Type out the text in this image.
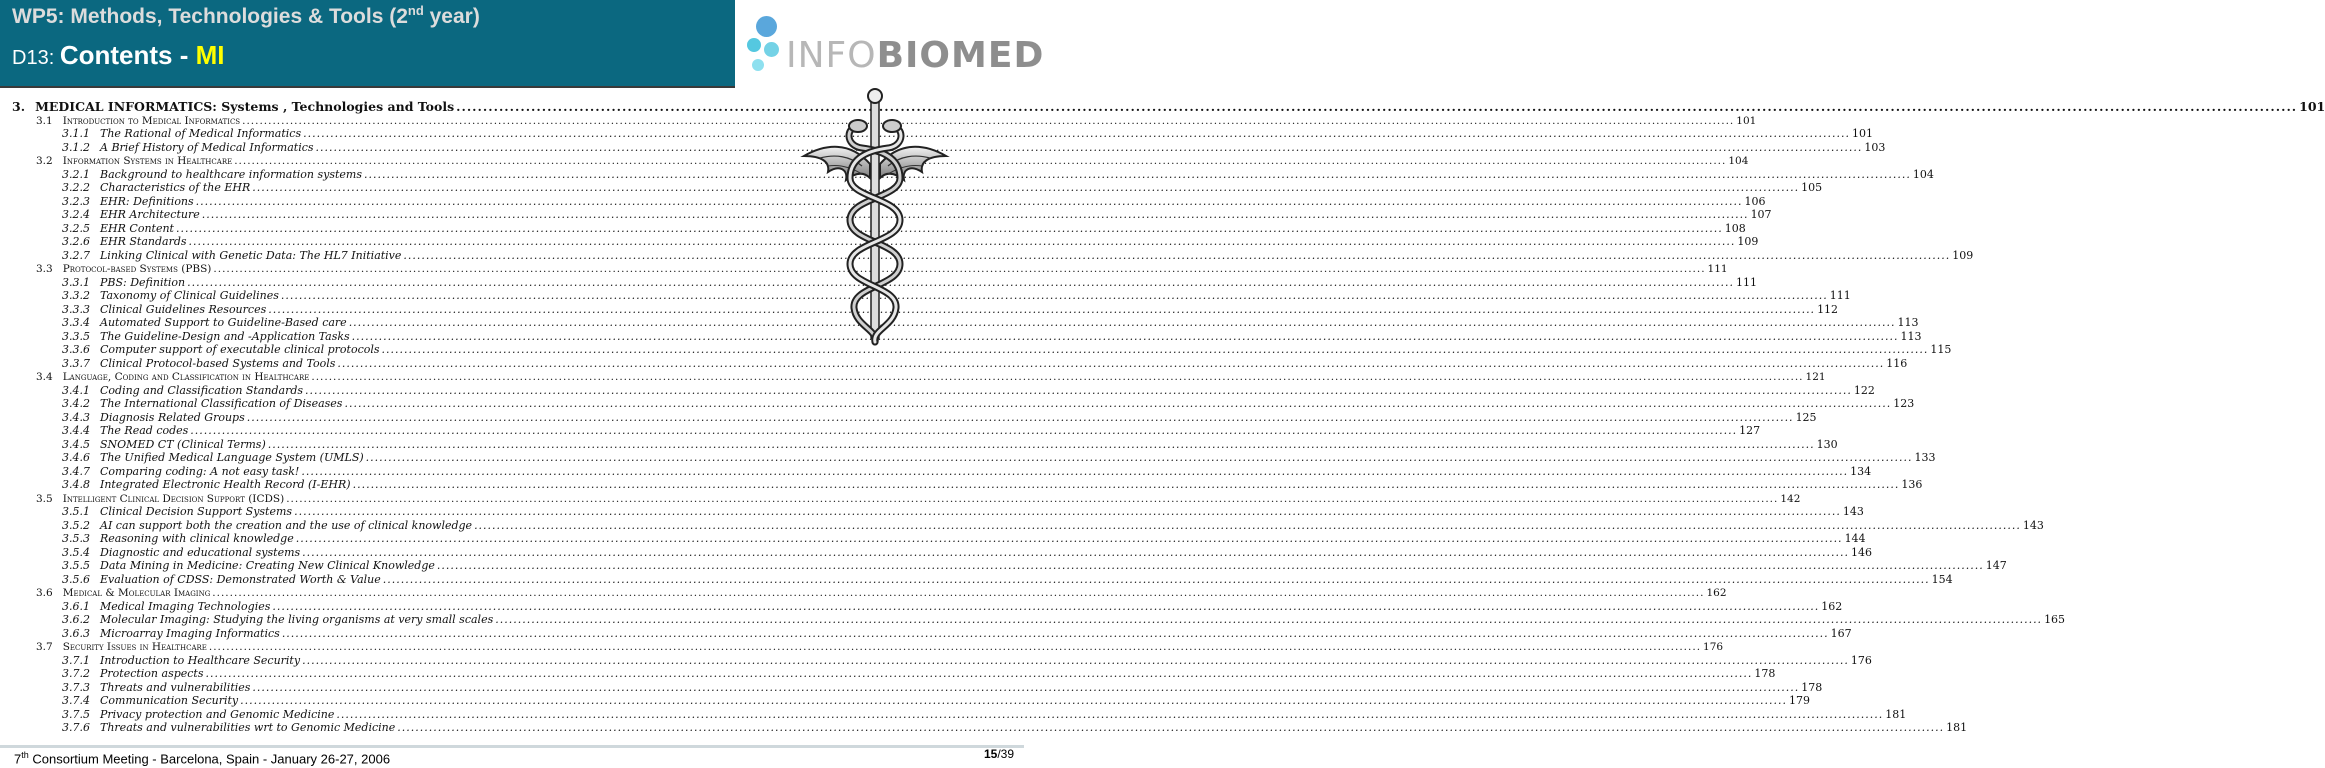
WP5: Methods, Technologies & Tools (2nd year)
D13: Contents - MI	INFOBIOMED
3. MEDICAL INFORMATICS: Systems , Technologies and Tools .....	101
3.1 Introduction to Medical Informatics .....	101
3.1.1 The Rational of Medical Informatics .....	101
3.1.2 A Brief History of Medical Informatics .....	103
3.2 Information Systems in Healthcare .....	104
3.2.1 Background to healthcare information systems .....	104
3.2.2 Characteristics of the EHR .....	105
3.2.3 EHR: Definitions .....	106
3.2.4 EHR Architecture .....	107
3.2.5 EHR Content .....	108
3.2.6 EHR Standards .....	109
3.2.7 Linking Clinical with Genetic Data: The HL7 Initiative .....	109
3.3 Protocol-based Systems (PBS) .....	111
3.3.1 PBS: Definition .....	111
3.3.2 Taxonomy of Clinical Guidelines .....	111
3.3.3 Clinical Guidelines Resources .....	112
3.3.4 Automated Support to Guideline-Based care .....	113
3.3.5 The Guideline-Design and -Application Tasks .....	113
3.3.6 Computer support of executable clinical protocols .....	115
3.3.7 Clinical Protocol-based Systems and Tools .....	116
3.4 Language, Coding and Classification in Healthcare .....	121
3.4.1 Coding and Classification Standards .....	122
3.4.2 The International Classification of Diseases .....	123
3.4.3 Diagnosis Related Groups .....	125
3.4.4 The Read codes .....	127
3.4.5 SNOMED CT (Clinical Terms) .....	130
3.4.6 The Unified Medical Language System (UMLS) .....	133
3.4.7 Comparing coding: A not easy task! .....	134
3.4.8 Integrated Electronic Health Record (I-EHR) .....	136
3.5 Intelligent Clinical Decision Support (ICDS) .....	142
3.5.1 Clinical Decision Support Systems .....	143
3.5.2 AI can support both the creation and the use of clinical knowledge .....	143
3.5.3 Reasoning with clinical knowledge .....	144
3.5.4 Diagnostic and educational systems .....	146
3.5.5 Data Mining in Medicine: Creating New Clinical Knowledge .....	147
3.5.6 Evaluation of CDSS: Demonstrated Worth & Value .....	154
3.6 Medical & Molecular Imaging .....	162
3.6.1 Medical Imaging Technologies .....	162
3.6.2 Molecular Imaging: Studying the living organisms at very small scales .....	165
3.6.3 Microarray Imaging Informatics .....	167
3.7 Security Issues in Healthcare .....	176
3.7.1 Introduction to Healthcare Security .....	176
3.7.2 Protection aspects .....	178
3.7.3 Threats and vulnerabilities .....	178
3.7.4 Communication Security .....	179
3.7.5 Privacy protection and Genomic Medicine .....	181
3.7.6 Threats and vulnerabilities wrt to Genomic Medicine .....	181
7th Consortium Meeting - Barcelona, Spain - January 26-27, 2006	15/39
